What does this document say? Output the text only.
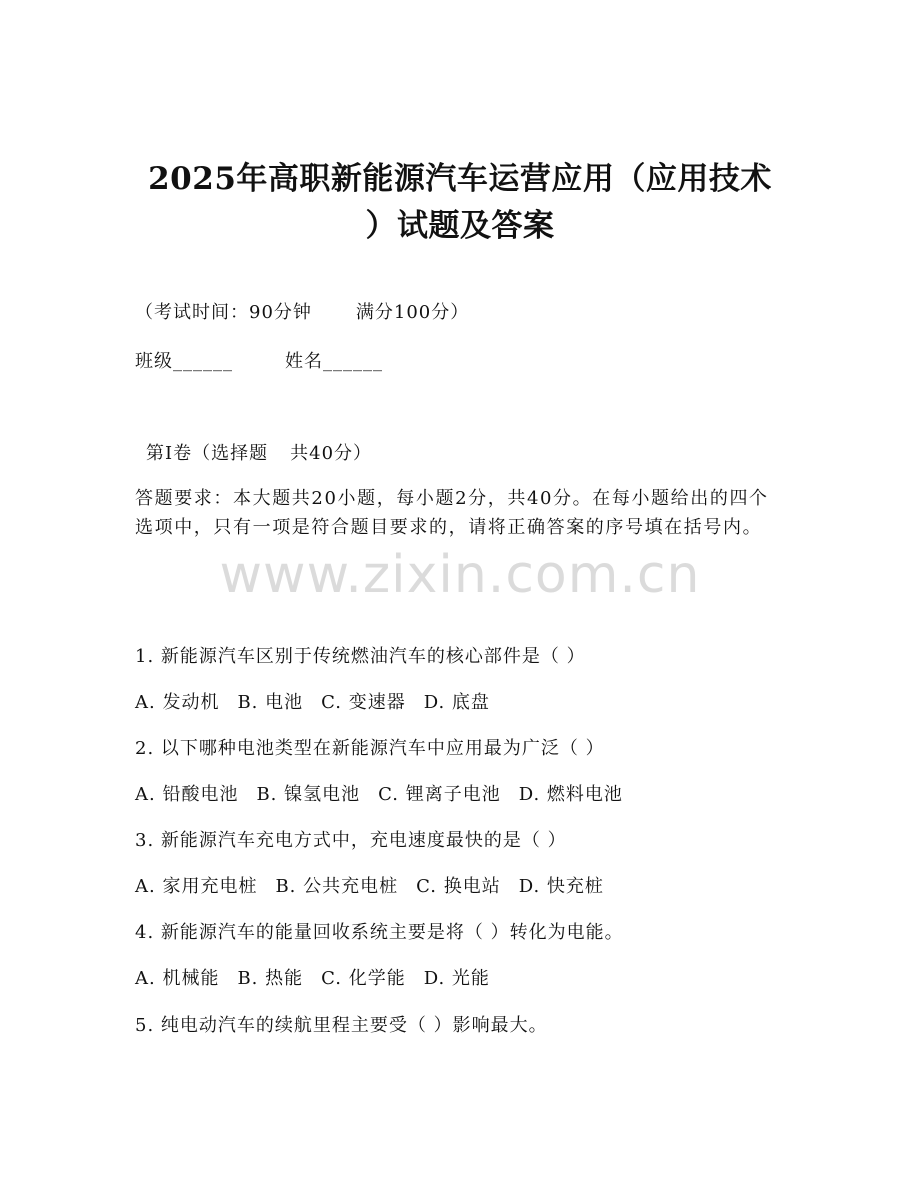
2025年高职新能源汽车运营应用（应用技术
）试题及答案
（考试时间：90分钟 满分100分）
班级______	姓名______
第Ⅰ卷（选择题 共40分）
答题要求：本大题共20小题，每小题2分，共40分。在每小题给出的四个选项中，只有一项是符合题目要求的，请将正确答案的序号填在括号内。
1. 新能源汽车区别于传统燃油汽车的核心部件是（ ）
A. 发动机 B. 电池 C. 变速器 D. 底盘
2. 以下哪种电池类型在新能源汽车中应用最为广泛（ ）
A. 铅酸电池 B. 镍氢电池 C. 锂离子电池 D. 燃料电池
3. 新能源汽车充电方式中，充电速度最快的是（ ）
A. 家用充电桩 B. 公共充电桩 C. 换电站 D. 快充桩
4. 新能源汽车的能量回收系统主要是将（ ）转化为电能。
A. 机械能 B. 热能 C. 化学能 D. 光能
5. 纯电动汽车的续航里程主要受（ ）影响最大。
www.zixin.com.cn
